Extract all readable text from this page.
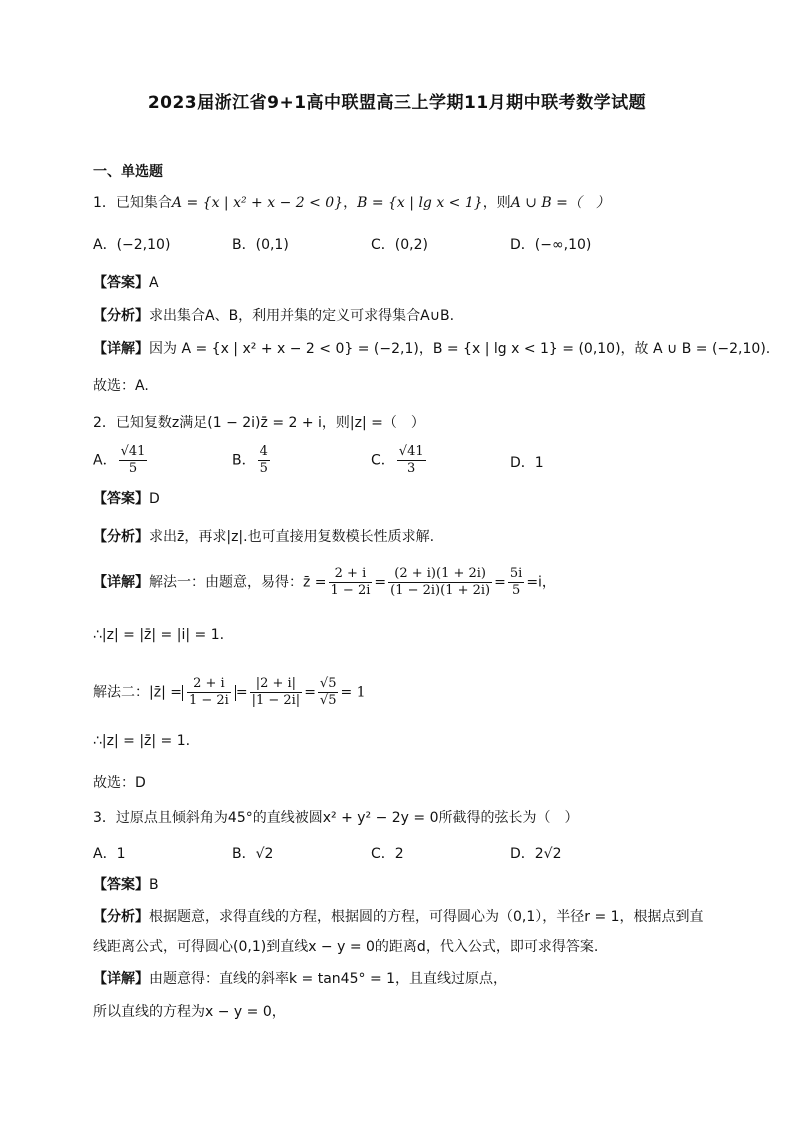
2023届浙江省9+1高中联盟高三上学期11月期中联考数学试题
一、单选题
1．已知集合A = {x | x² + x − 2 < 0}，B = {x | lg x < 1}，则A ∪ B =（　）
A．(−2,10)	B．(0,1)	C．(0,2)	D．(−∞,10)
【答案】A
【分析】求出集合A、B，利用并集的定义可求得集合A∪B.
【详解】因为 A = {x | x² + x − 2 < 0} = (−2,1)，B = {x | lg x < 1} = (0,10)，故 A ∪ B = (−2,10).
故选：A.
2．已知复数z满足(1 − 2i)z̄ = 2 + i，则|z| =（　）
A． $\frac{√41}{5}$	B． $\frac{4}{5}$	C． $\frac{√41}{3}$	D．1
【答案】D
【分析】求出z̄，再求|z|.也可直接用复数模长性质求解.
【详解】解法一：由题意，易得：z̄ = $\frac{2 + i}{1 - 2i} = \frac{(2 + i)(1 + 2i)}{(1 - 2i)(1 + 2i)} = \frac{5i}{5} =i$，
∴|z| = |z̄| = |i| = 1.
解法二：|z̄| = $\frac{2 + i}{1 - 2i} = \frac{|2 + i|}{|1 - 2i|} = \frac{√5}{√5} = 1$
∴|z| = |z̄| = 1.
故选：D
3．过原点且倾斜角为45°的直线被圆x² + y² − 2y = 0所截得的弦长为（　）
A．1	B．√2	C．2	D．2√2
【答案】B
【分析】根据题意，求得直线的方程，根据圆的方程，可得圆心为（0,1），半径r = 1，根据点到直
线距离公式，可得圆心(0,1)到直线x − y = 0的距离d，代入公式，即可求得答案.
【详解】由题意得：直线的斜率k = tan45° = 1，且直线过原点，
所以直线的方程为x − y = 0，
